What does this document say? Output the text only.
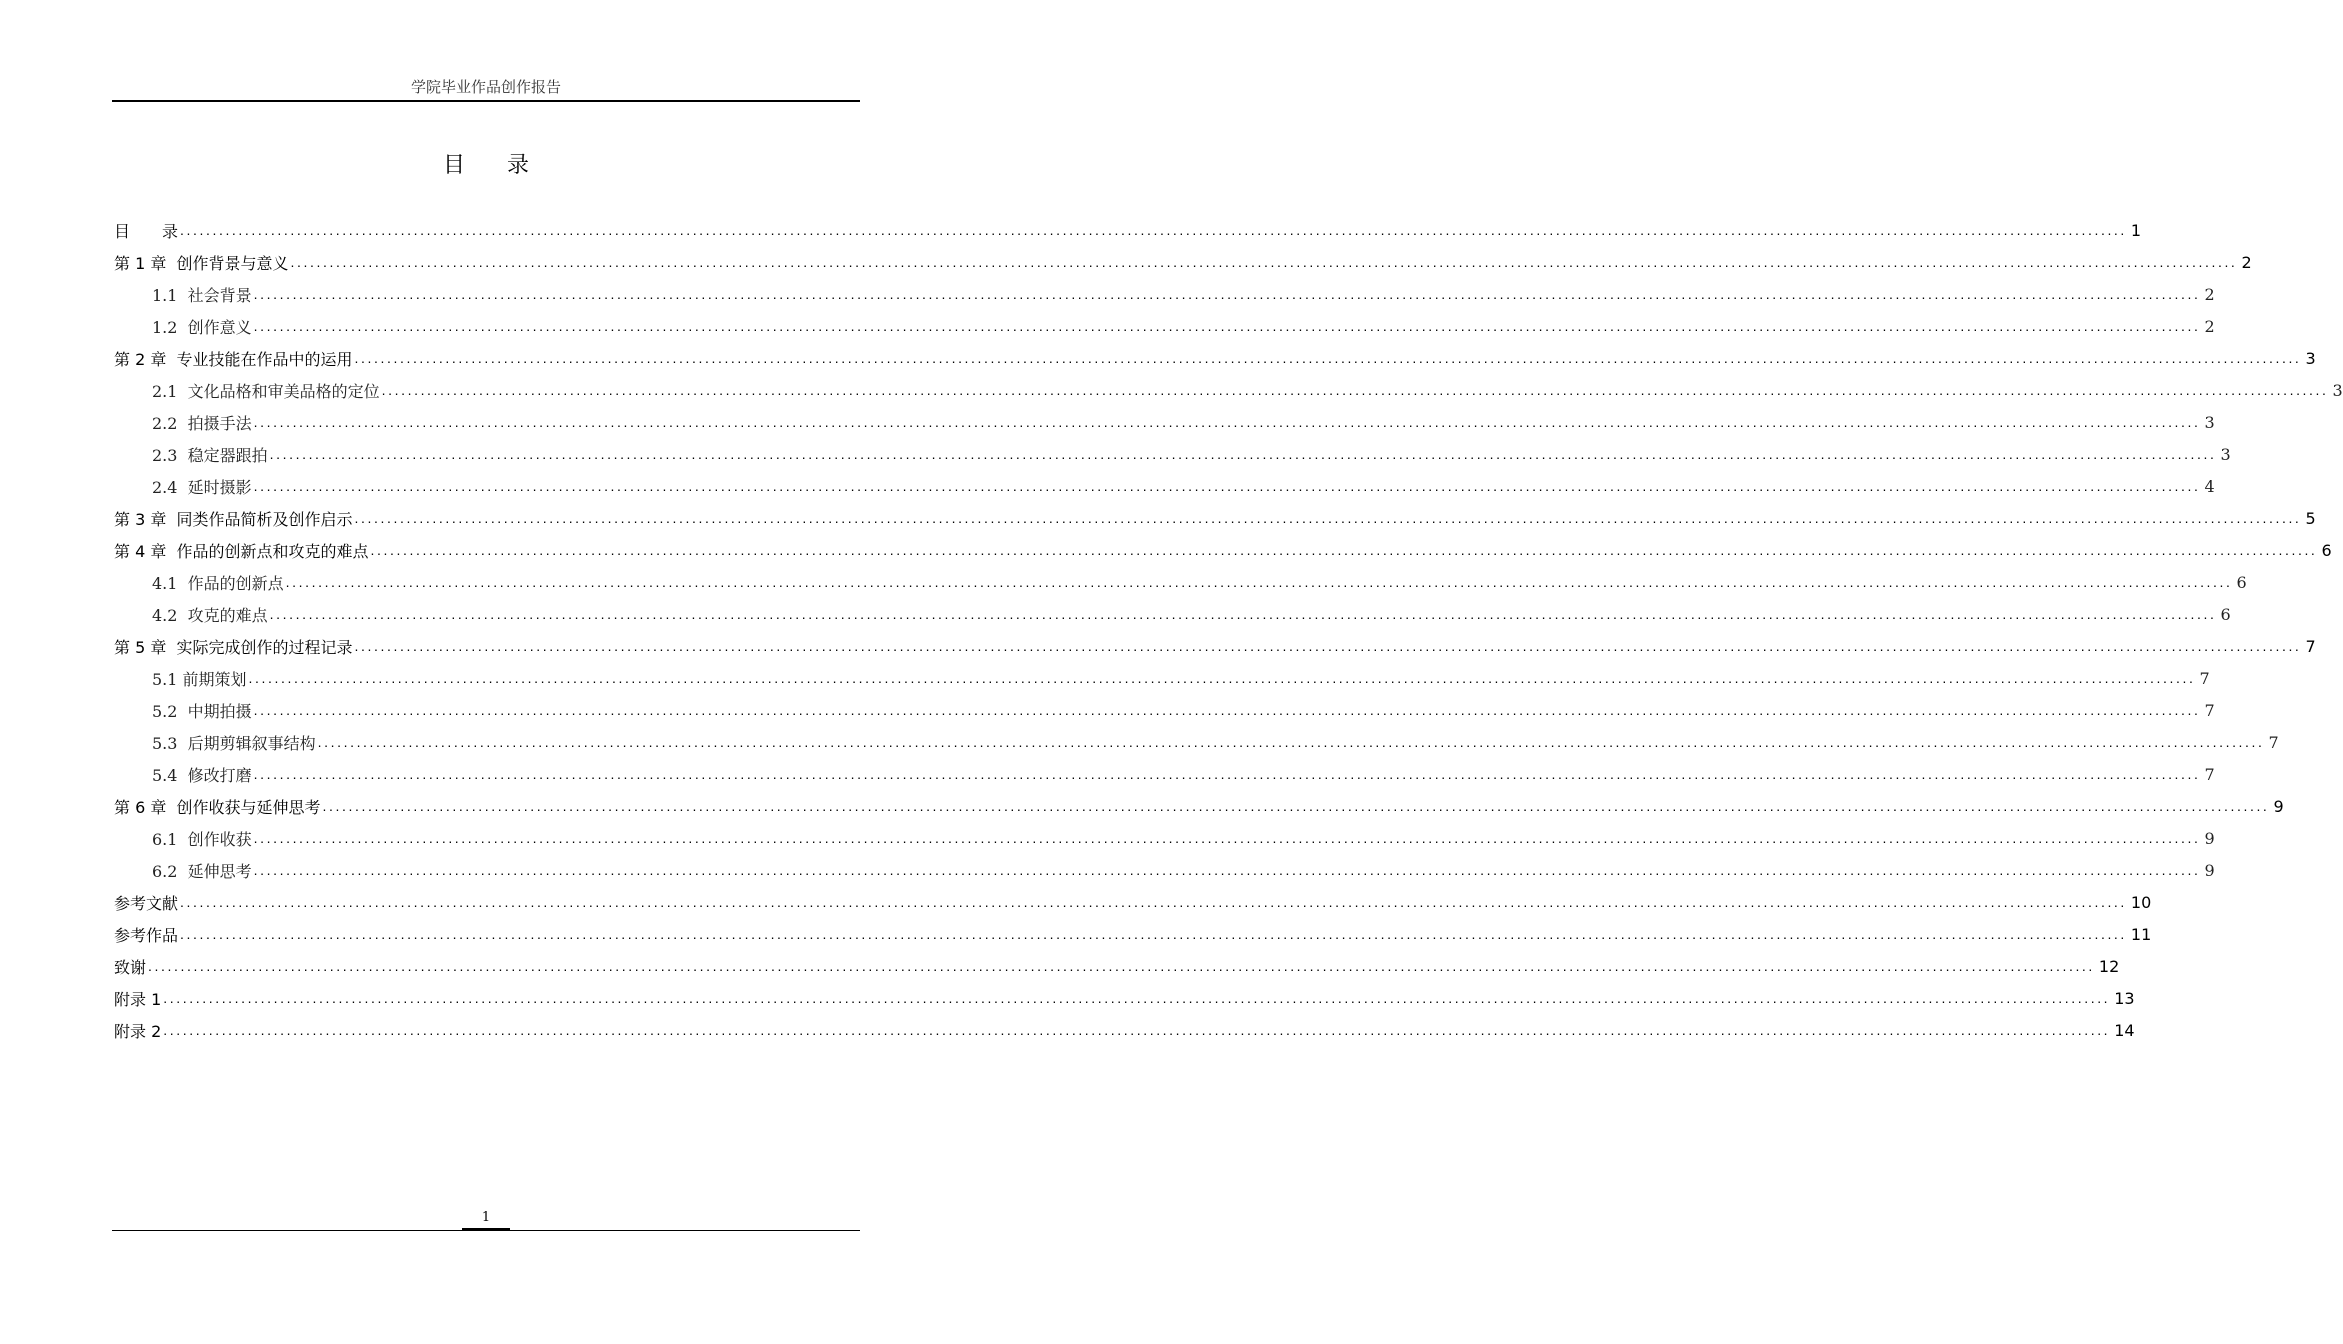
学院毕业作品创作报告
目录
目　　录 ............................................................................................................................................................................................................................................................................................................ 1
第 1 章  创作背景与意义 ............................................................................................................................................................................................................................................................................................................ 2
1.1  社会背景 ............................................................................................................................................................................................................................................................................................................ 2
1.2  创作意义 ............................................................................................................................................................................................................................................................................................................ 2
第 2 章  专业技能在作品中的运用 ............................................................................................................................................................................................................................................................................................................ 3
2.1  文化品格和审美品格的定位 ............................................................................................................................................................................................................................................................................................................ 3
2.2  拍摄手法 ............................................................................................................................................................................................................................................................................................................ 3
2.3  稳定器跟拍 ............................................................................................................................................................................................................................................................................................................ 3
2.4  延时摄影 ............................................................................................................................................................................................................................................................................................................ 4
第 3 章  同类作品简析及创作启示 ............................................................................................................................................................................................................................................................................................................ 5
第 4 章  作品的创新点和攻克的难点 ............................................................................................................................................................................................................................................................................................................ 6
4.1  作品的创新点 ............................................................................................................................................................................................................................................................................................................ 6
4.2  攻克的难点 ............................................................................................................................................................................................................................................................................................................ 6
第 5 章  实际完成创作的过程记录 ............................................................................................................................................................................................................................................................................................................ 7
5.1 前期策划 ............................................................................................................................................................................................................................................................................................................ 7
5.2  中期拍摄 ............................................................................................................................................................................................................................................................................................................ 7
5.3  后期剪辑叙事结构 ............................................................................................................................................................................................................................................................................................................ 7
5.4  修改打磨 ............................................................................................................................................................................................................................................................................................................ 7
第 6 章  创作收获与延伸思考 ............................................................................................................................................................................................................................................................................................................ 9
6.1  创作收获 ............................................................................................................................................................................................................................................................................................................ 9
6.2  延伸思考 ............................................................................................................................................................................................................................................................................................................ 9
参考文献 ............................................................................................................................................................................................................................................................................................................ 10
参考作品 ............................................................................................................................................................................................................................................................................................................ 11
致谢 ............................................................................................................................................................................................................................................................................................................ 12
附录 1 ............................................................................................................................................................................................................................................................................................................ 13
附录 2 ............................................................................................................................................................................................................................................................................................................ 14
1
